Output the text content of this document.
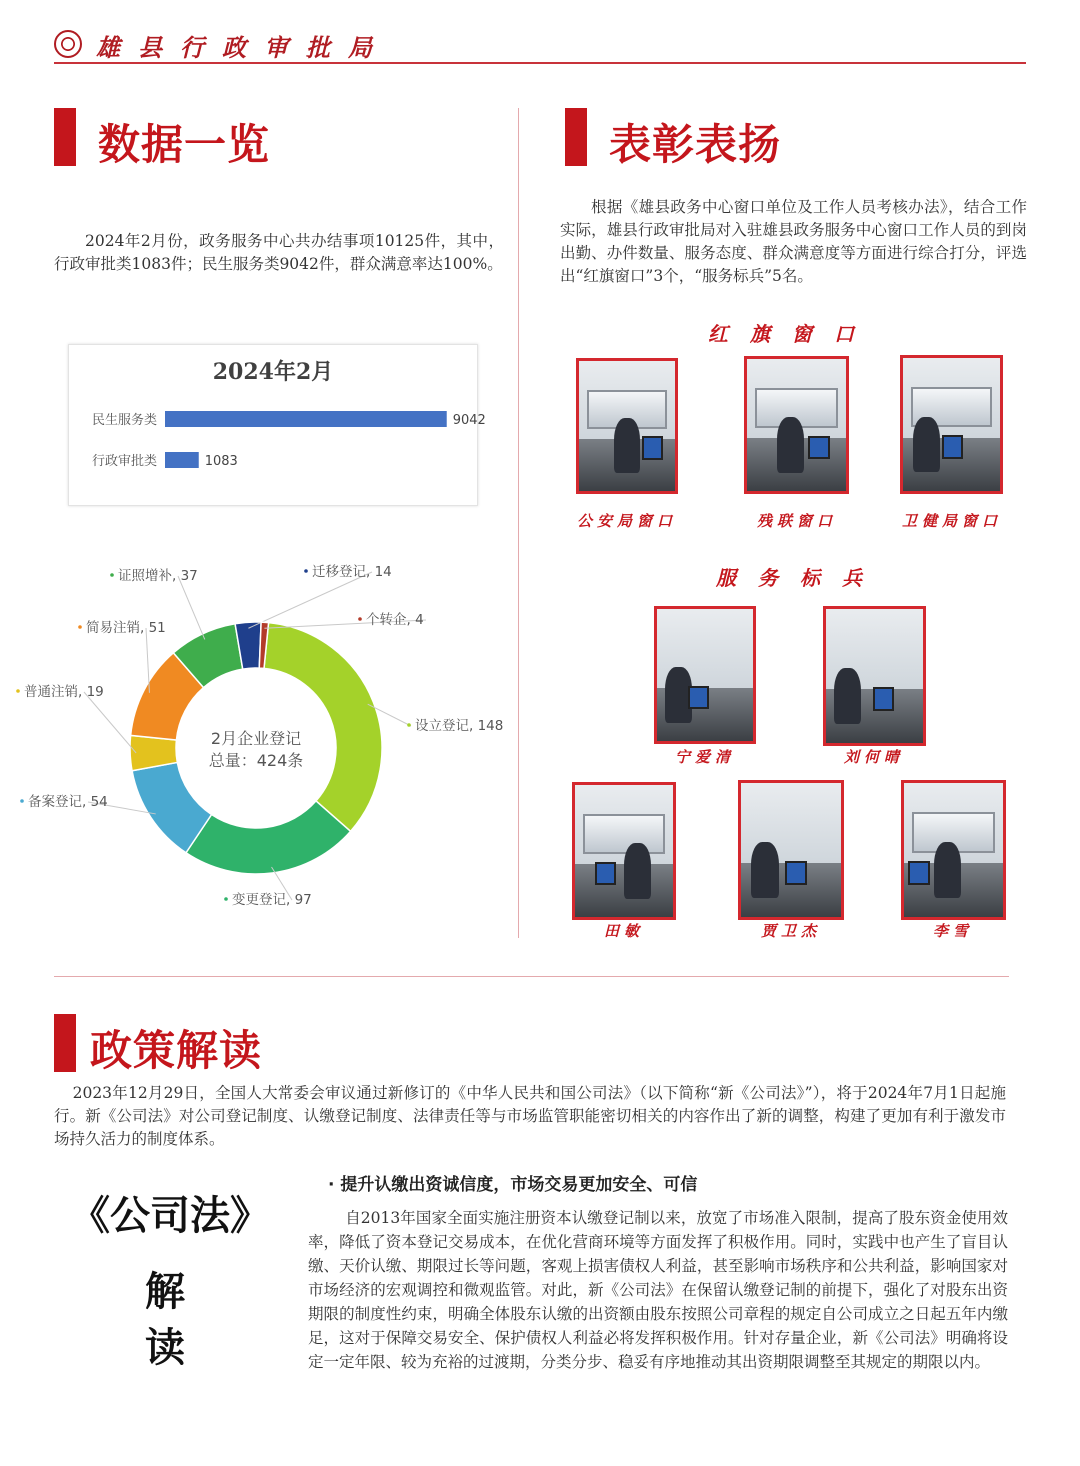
雄县行政审批局
数据一览
2024年2月份，政务服务中心共办结事项10125件，其中，行政审批类1083件；民生服务类9042件，群众满意率达100%。
2024年2月
民生服务类	9042
行政审批类	1083
设立登记, 148
变更登记, 97
备案登记, 54
普通注销, 19
简易注销, 51
证照增补, 37	迁移登记, 14
个转企, 4
2月企业登记
总量：424条
表彰表扬
根据《雄县政务中心窗口单位及工作人员考核办法》，结合工作实际，雄县行政审批局对入驻雄县政务服务中心窗口工作人员的到岗出勤、办件数量、服务态度、群众满意度等方面进行综合打分，评选出“红旗窗口”3个，“服务标兵”5名。
红旗窗口
公安局窗口	残联窗口	卫健局窗口
服务标兵
宁爱清	刘何晴
田敏	贾卫杰	李雪
政策解读
2023年12月29日，全国人大常委会审议通过新修订的《中华人民共和国公司法》（以下简称“新《公司法》”），将于2024年7月1日起施行。新《公司法》对公司登记制度、认缴登记制度、法律责任等与市场监管职能密切相关的内容作出了新的调整，构建了更加有利于激发市场持久活力的制度体系。
《公司法》
解
读
· 提升认缴出资诚信度，市场交易更加安全、可信
自2013年国家全面实施注册资本认缴登记制以来，放宽了市场准入限制，提高了股东资金使用效率，降低了资本登记交易成本，在优化营商环境等方面发挥了积极作用。同时，实践中也产生了盲目认缴、天价认缴、期限过长等问题，客观上损害债权人利益，甚至影响市场秩序和公共利益，影响国家对市场经济的宏观调控和微观监管。对此，新《公司法》在保留认缴登记制的前提下，强化了对股东出资期限的制度性约束，明确全体股东认缴的出资额由股东按照公司章程的规定自公司成立之日起五年内缴足，这对于保障交易安全、保护债权人利益必将发挥积极作用。针对存量企业，新《公司法》明确将设定一定年限、较为充裕的过渡期，分类分步、稳妥有序地推动其出资期限调整至其规定的期限以内。
